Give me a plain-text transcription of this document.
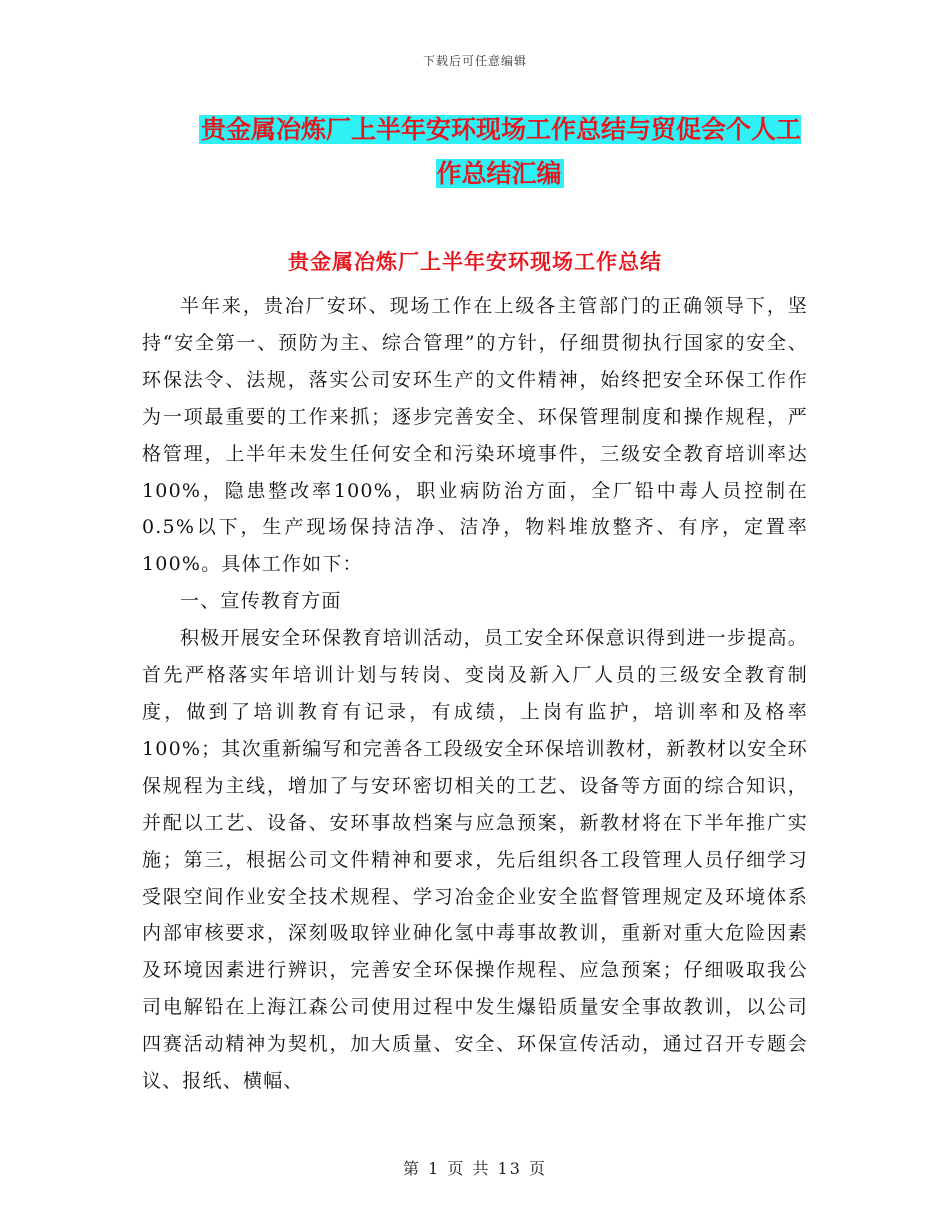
下载后可任意编辑
贵金属冶炼厂上半年安环现场工作总结与贸促会个人工作总结汇编
贵金属冶炼厂上半年安环现场工作总结

半年来，贵冶厂安环、现场工作在上级各主管部门的正确领导下，坚持“安全第一、预防为主、综合管理”的方针，仔细贯彻执行国家的安全、环保法令、法规，落实公司安环生产的文件精神，始终把安全环保工作作为一项最重要的工作来抓；逐步完善安全、环保管理制度和操作规程，严格管理，上半年未发生任何安全和污染环境事件，三级安全教育培训率达100%，隐患整改率100%，职业病防治方面，全厂铅中毒人员控制在0.5%以下，生产现场保持洁净、洁净，物料堆放整齐、有序，定置率100%。具体工作如下：

一、宣传教育方面

积极开展安全环保教育培训活动，员工安全环保意识得到进一步提高。首先严格落实年培训计划与转岗、变岗及新入厂人员的三级安全教育制度，做到了培训教育有记录，有成绩，上岗有监护，培训率和及格率100%；其次重新编写和完善各工段级安全环保培训教材，新教材以安全环保规程为主线，增加了与安环密切相关的工艺、设备等方面的综合知识，并配以工艺、设备、安环事故档案与应急预案，新教材将在下半年推广实施；第三，根据公司文件精神和要求，先后组织各工段管理人员仔细学习受限空间作业安全技术规程、学习冶金企业安全监督管理规定及环境体系内部审核要求，深刻吸取锌业砷化氢中毒事故教训，重新对重大危险因素及环境因素进行辨识，完善安全环保操作规程、应急预案；仔细吸取我公司电解铅在上海江森公司使用过程中发生爆铅质量安全事故教训，以公司四赛活动精神为契机，加大质量、安全、环保宣传活动，通过召开专题会议、报纸、横幅、

第 1 页 共 13 页
